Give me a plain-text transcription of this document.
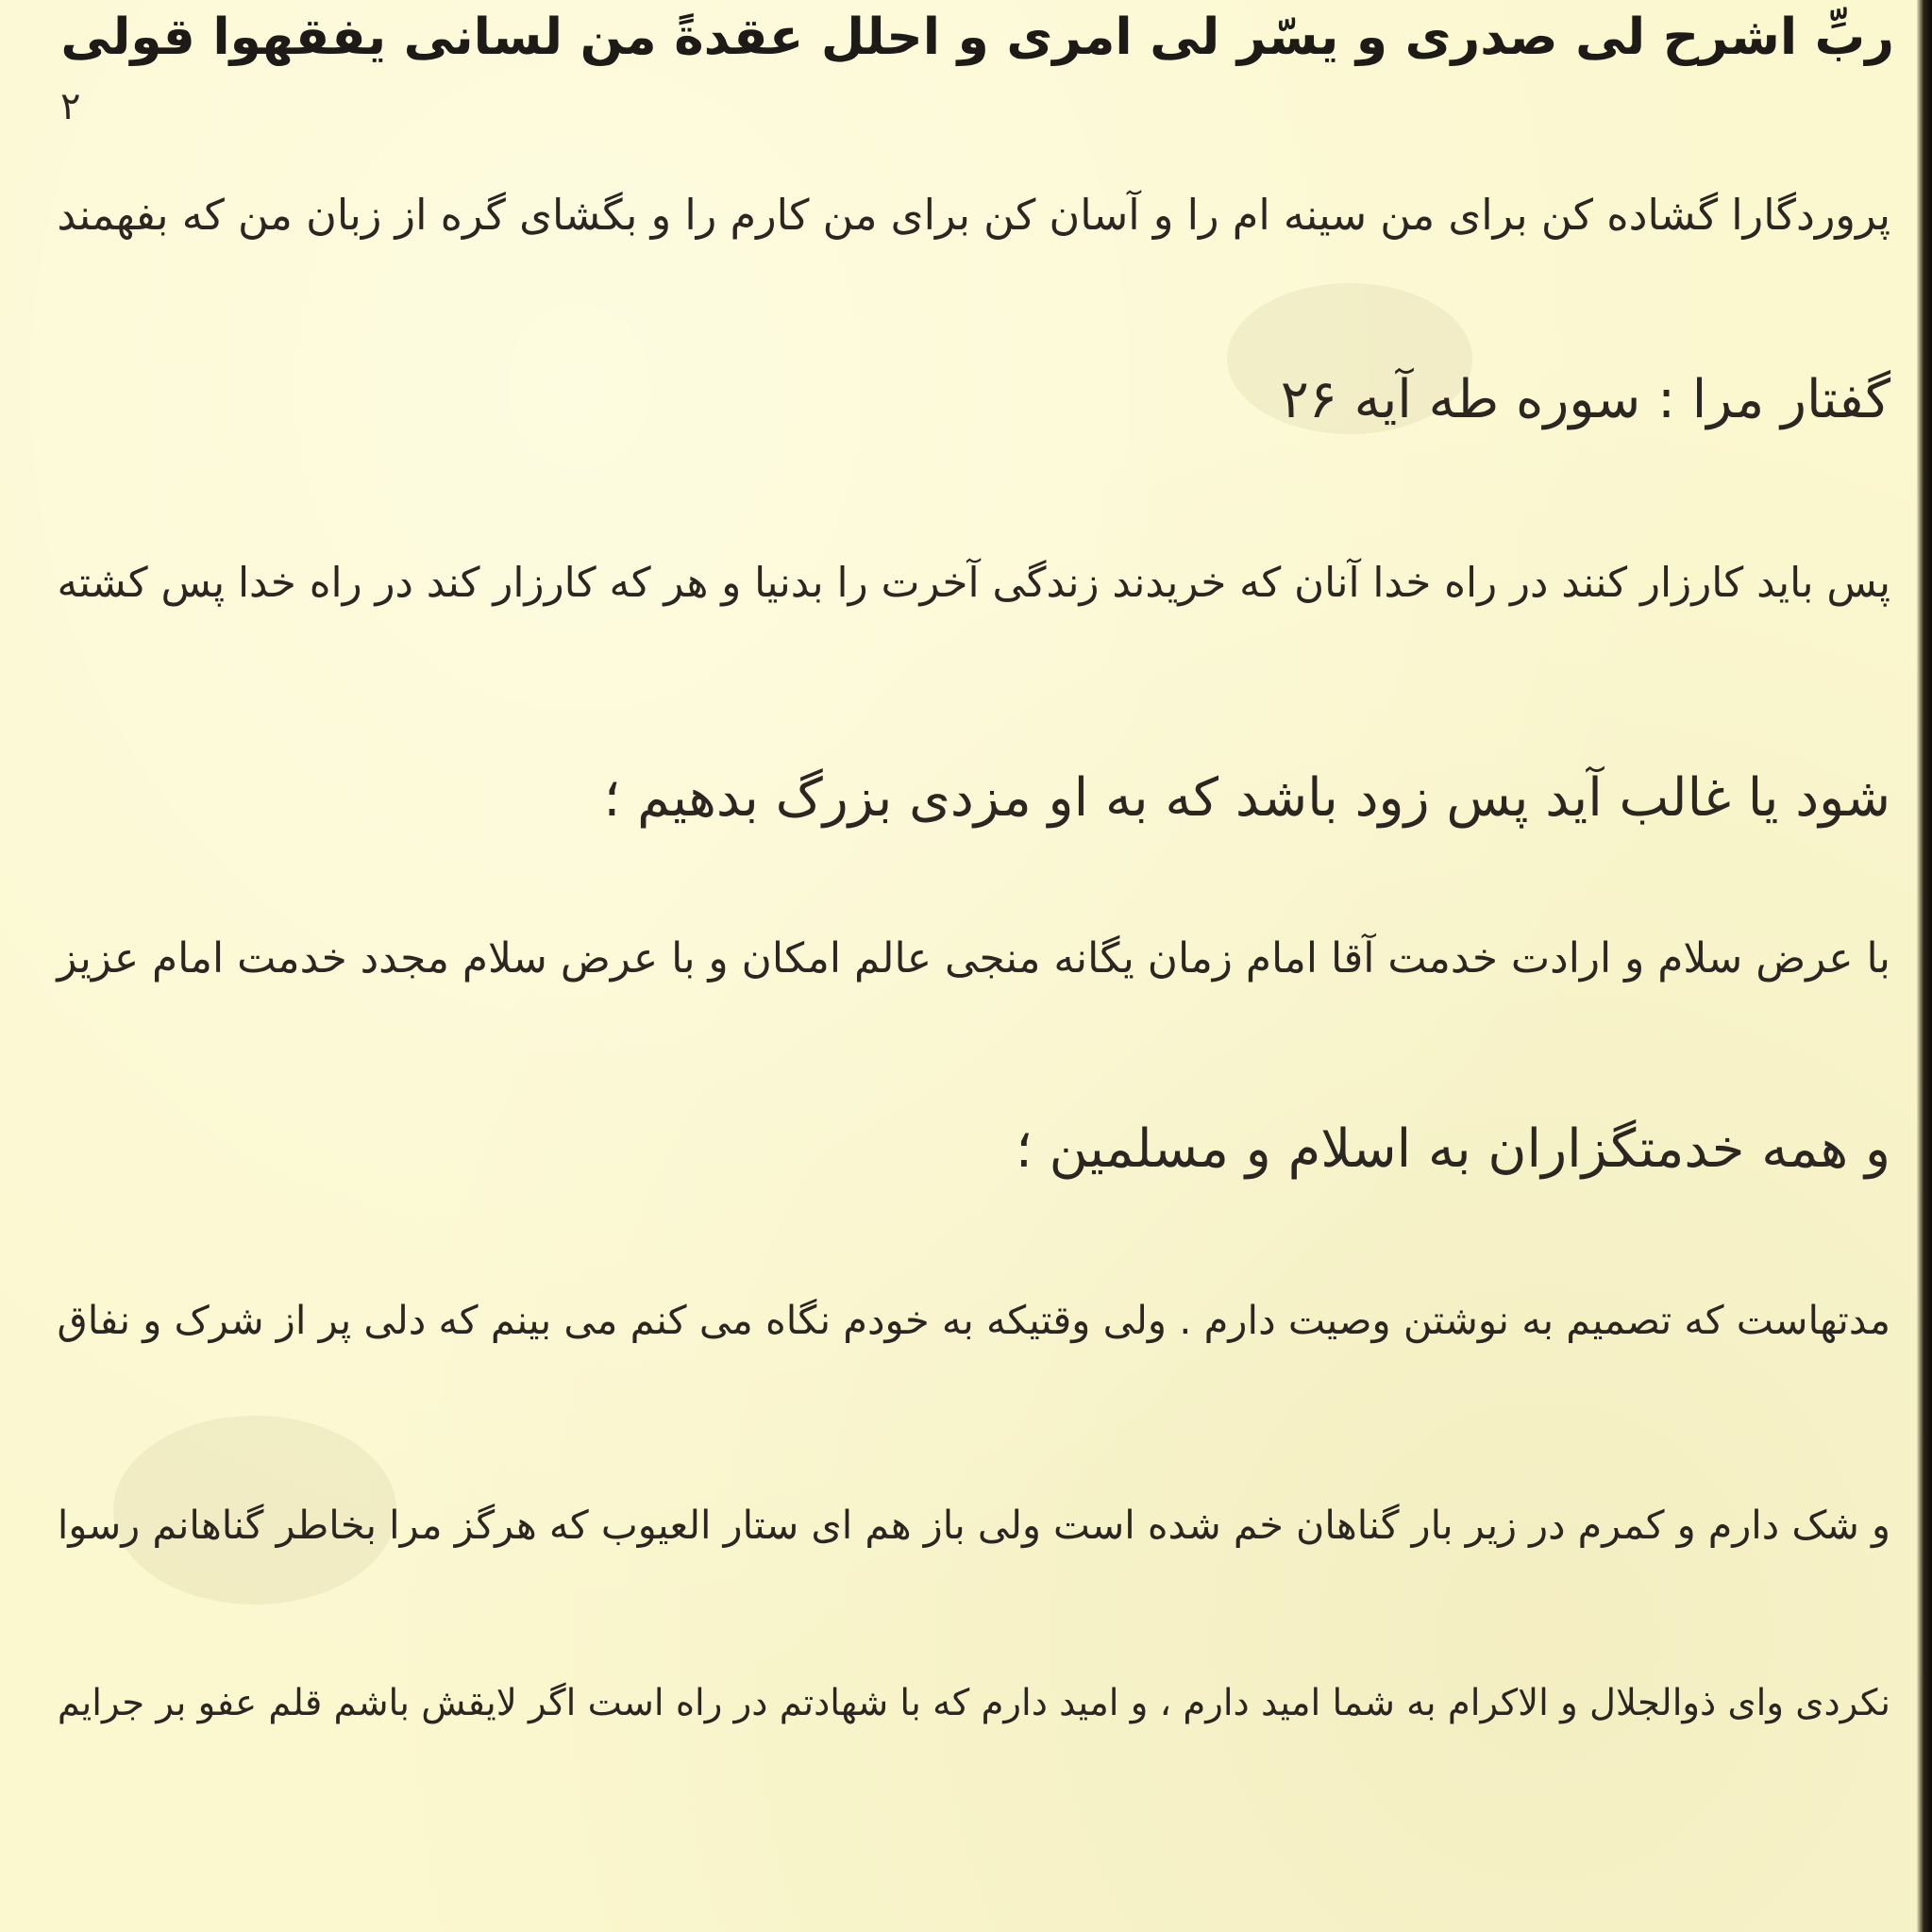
ربِّ اشرح لی صدری و یسّر لی امری و احلل عقدةً من لسانی یفقهوا قولی
پروردگارا گشاده کن برای من سینه ام را و آسان کن برای من کارم را و بگشای گره از زبان من که بفهمند
گفتار مرا : سوره طه آیه ۲۶
پس باید کارزار کنند در راه خدا آنان که خریدند زندگی آخرت را بدنیا و هر که کارزار کند در راه خدا پس کشته
شود یا غالب آید پس زود باشد که به او مزدی بزرگ بدهیم ؛
با عرض سلام و ارادت خدمت آقا امام زمان یگانه منجی عالم امکان و با عرض سلام مجدد خدمت امام عزیز
و همه خدمتگزاران به اسلام و مسلمین ؛
مدتهاست که تصمیم به نوشتن وصیت دارم . ولی وقتیکه به خودم نگاه می کنم می بینم که دلی پر از شرک و نفاق
و شک دارم و کمرم در زیر بار گناهان خم شده است ولی باز هم ای ستار العیوب که هرگز مرا بخاطر گناهانم رسوا
نکردی وای ذوالجلال و الاکرام به شما امید دارم ، و امید دارم که با شهادتم در راه است اگر لایقش باشم قلم عفو بر جرایم
۲
